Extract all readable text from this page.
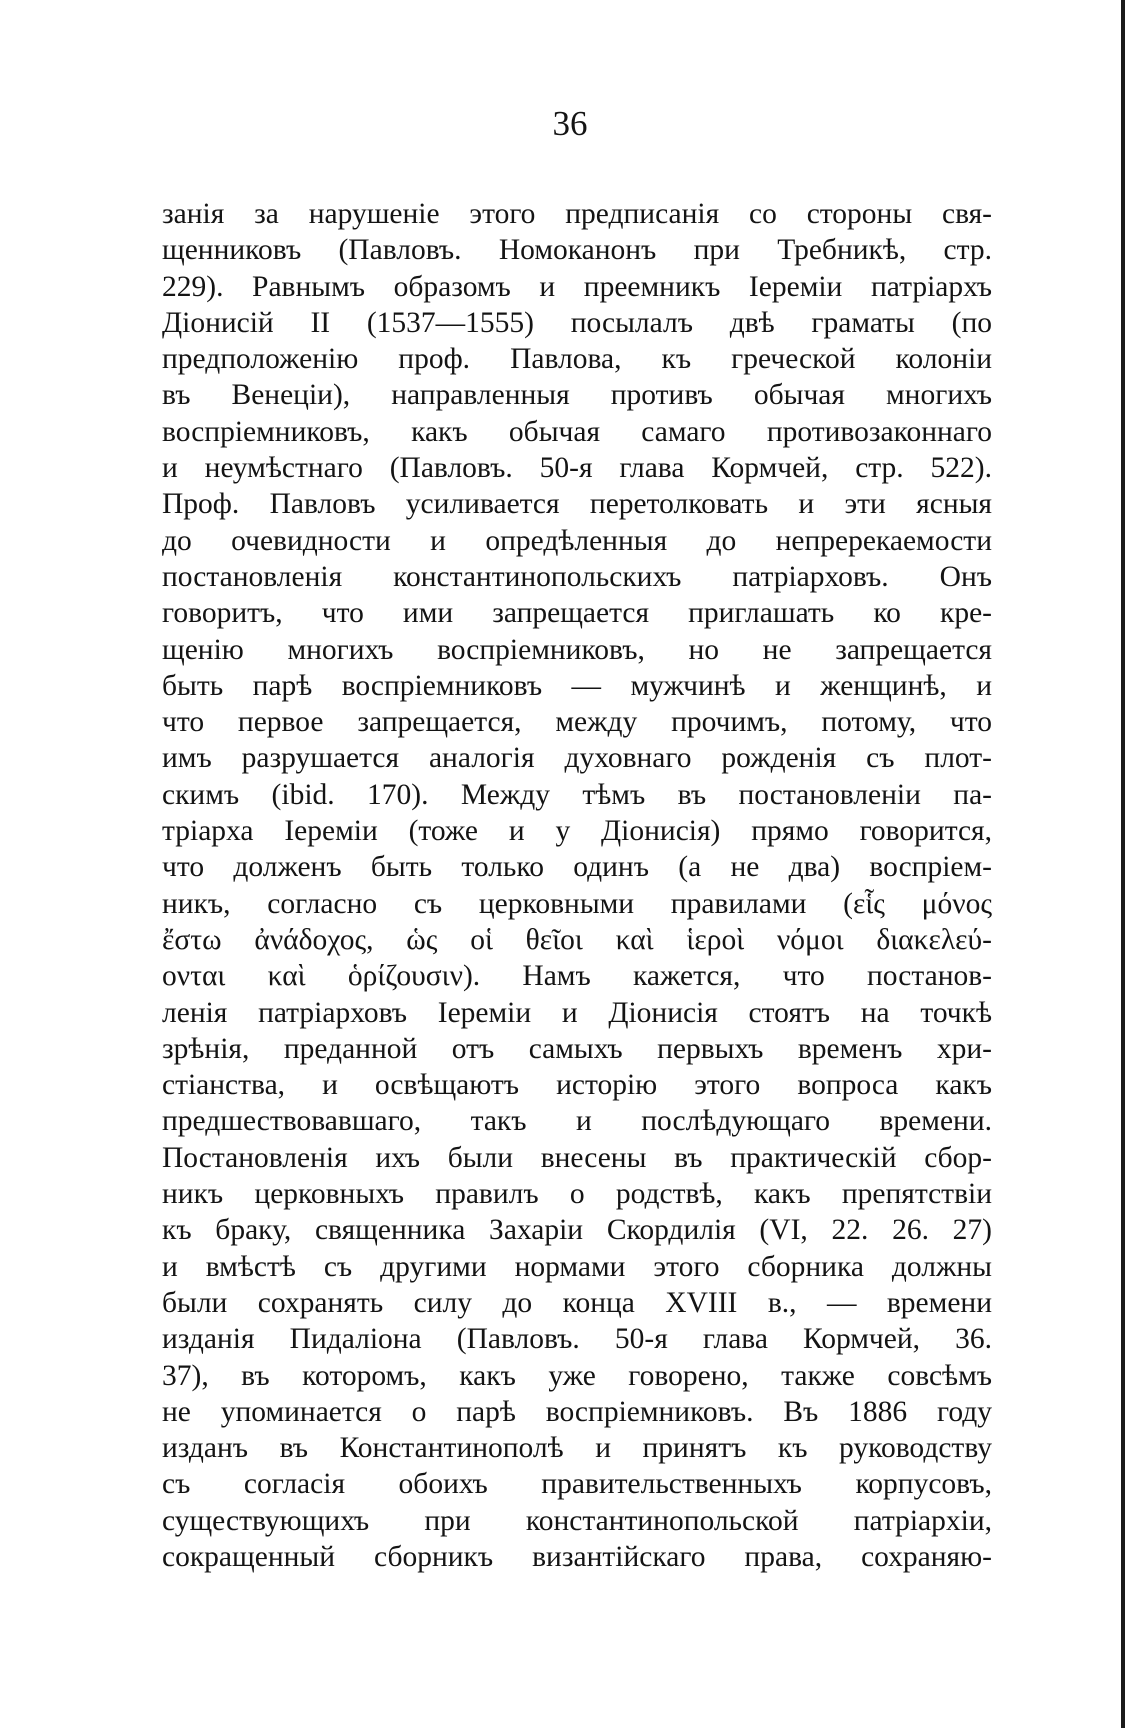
36
занія за нарушеніе этого предписанія со стороны свя-
щенниковъ (Павловъ. Номоканонъ при Требникѣ, стр.
229). Равнымъ образомъ и преемникъ Іереміи патріархъ
Діонисій II (1537—1555) посылалъ двѣ граматы (по
предположенію проф. Павлова, къ греческой колоніи
въ Венеціи), направленныя противъ обычая многихъ
воспріемниковъ, какъ обычая самаго противозаконнаго
и неумѣстнаго (Павловъ. 50-я глава Кормчей, стр. 522).
Проф. Павловъ усиливается перетолковать и эти ясныя
до очевидности и опредѣленныя до непререкаемости
постановленія константинопольскихъ патріарховъ. Онъ
говоритъ, что ими запрещается приглашать ко кре-
щенію многихъ воспріемниковъ, но не запрещается
быть парѣ воспріемниковъ — мужчинѣ и женщинѣ, и
что первое запрещается, между прочимъ, потому, что
имъ разрушается аналогія духовнаго рожденія съ плот-
скимъ (ibid. 170). Между тѣмъ въ постановленіи па-
тріарха Іереміи (тоже и у Діонисія) прямо говорится,
что долженъ быть только одинъ (а не два) воспріем-
никъ, согласно съ церковными правилами (εἷς μόνος
ἔστω ἀνάδοχος, ὡς οἱ θεῖοι καὶ ἱεροὶ νόμοι διακελεύ-
ονται καὶ ὁρίζουσιν). Намъ кажется, что постанов-
ленія патріарховъ Іереміи и Діонисія стоятъ на точкѣ
зрѣнія, преданной отъ самыхъ первыхъ временъ хри-
стіанства, и освѣщаютъ исторію этого вопроса какъ
предшествовавшаго, такъ и послѣдующаго времени.
Постановленія ихъ были внесены въ практическій сбор-
никъ церковныхъ правилъ о родствѣ, какъ препятствіи
къ браку, священника Захаріи Скордилія (VI, 22. 26. 27)
и вмѣстѣ съ другими нормами этого сборника должны
были сохранять силу до конца XVIII в., — времени
изданія Пидаліона (Павловъ. 50-я глава Кормчей, 36.
37), въ которомъ, какъ уже говорено, также совсѣмъ
не упоминается о парѣ воспріемниковъ. Въ 1886 году
изданъ въ Константинополѣ и принятъ къ руководству
съ согласія обоихъ правительственныхъ корпусовъ,
существующихъ при константинопольской патріархіи,
сокращенный сборникъ византійскаго права, сохраняю-
